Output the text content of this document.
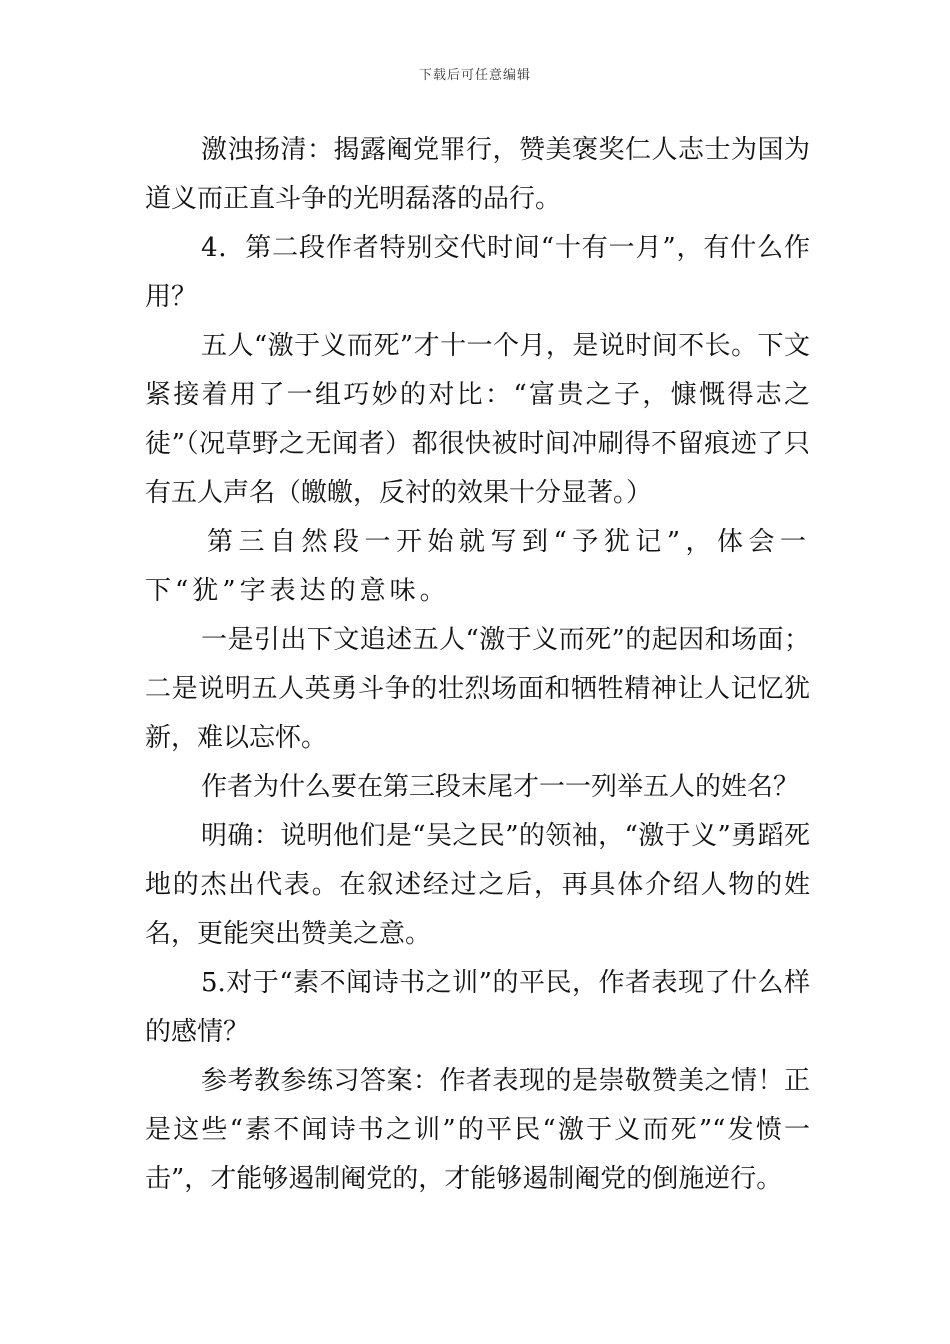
下载后可任意编辑

激浊扬清：揭露阉党罪行，赞美褒奖仁人志士为国为道义而正直斗争的光明磊落的品行。

4．第二段作者特别交代时间“十有一月”，有什么作用？

五人“激于义而死”才十一个月，是说时间不长。下文紧接着用了一组巧妙的对比：“富贵之子，慷慨得志之徒”（况草野之无闻者）都很快被时间冲刷得不留痕迹了只有五人声名（皦皦，反衬的效果十分显著。）

第三自然段一开始就写到“予犹记”，体会一下“犹”字表达的意味。

一是引出下文追述五人“激于义而死”的起因和场面；二是说明五人英勇斗争的壮烈场面和牺牲精神让人记忆犹新，难以忘怀。

作者为什么要在第三段末尾才一一列举五人的姓名？

明确：说明他们是“吴之民”的领袖，“激于义”勇蹈死地的杰出代表。在叙述经过之后，再具体介绍人物的姓名，更能突出赞美之意。

5.对于“素不闻诗书之训”的平民，作者表现了什么样的感情？

参考教参练习答案：作者表现的是崇敬赞美之情！正是这些“素不闻诗书之训”的平民“激于义而死”“发愤一击”，才能够遏制阉党的，才能够遏制阉党的倒施逆行。
